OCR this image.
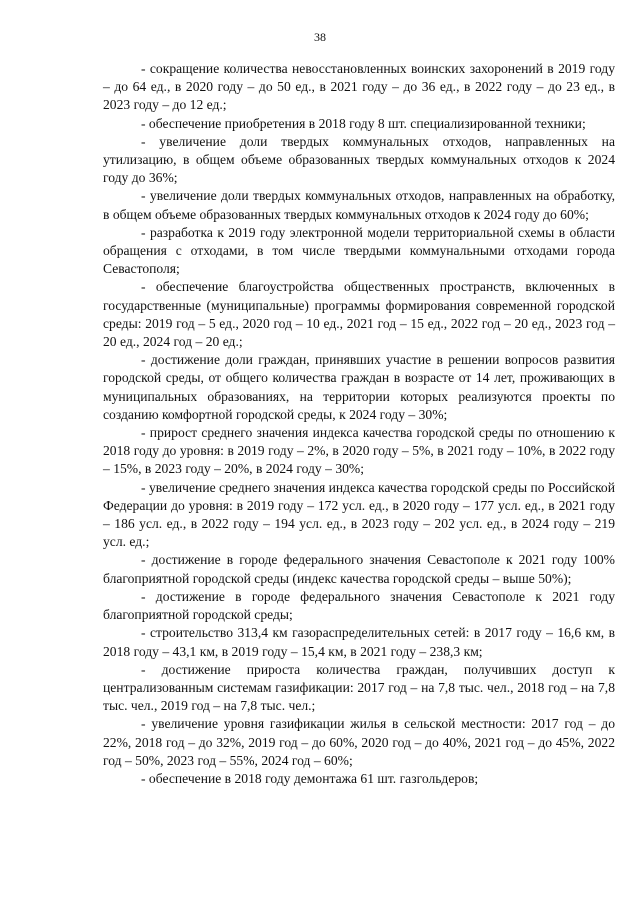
38

- сокращение количества невосстановленных воинских захоронений в 2019 году – до 64 ед., в 2020 году – до 50 ед., в 2021 году – до 36 ед., в 2022 году – до 23 ед., в 2023 году – до 12 ед.;

- обеспечение приобретения в 2018 году 8 шт. специализированной техники;

- увеличение доли твердых коммунальных отходов, направленных на утилизацию, в общем объеме образованных твердых коммунальных отходов к 2024 году до 36%;

- увеличение доли твердых коммунальных отходов, направленных на обработку, в общем объеме образованных твердых коммунальных отходов к 2024 году до 60%;

- разработка к 2019 году электронной модели территориальной схемы в области обращения с отходами, в том числе твердыми коммунальными отходами города Севастополя;

- обеспечение благоустройства общественных пространств, включенных в государственные (муниципальные) программы формирования современной городской среды: 2019 год – 5 ед., 2020 год – 10 ед., 2021 год – 15 ед., 2022 год – 20 ед., 2023 год – 20 ед., 2024 год – 20 ед.;

- достижение доли граждан, принявших участие в решении вопросов развития городской среды, от общего количества граждан в возрасте от 14 лет, проживающих в муниципальных образованиях, на территории которых реализуются проекты по созданию комфортной городской среды, к 2024 году – 30%;

- прирост среднего значения индекса качества городской среды по отношению к 2018 году до уровня: в 2019 году – 2%, в 2020 году – 5%, в 2021 году – 10%, в 2022 году – 15%, в 2023 году – 20%, в 2024 году – 30%;

- увеличение среднего значения индекса качества городской среды по Российской Федерации до уровня: в 2019 году – 172 усл. ед., в 2020 году – 177 усл. ед., в 2021 году – 186 усл. ед., в 2022 году – 194 усл. ед., в 2023 году – 202 усл. ед., в 2024 году – 219 усл. ед.;

- достижение в городе федерального значения Севастополе к 2021 году 100% благоприятной городской среды (индекс качества городской среды – выше 50%);

- достижение в городе федерального значения Севастополе к 2021 году благоприятной городской среды;

- строительство 313,4 км газораспределительных сетей: в 2017 году – 16,6 км, в 2018 году – 43,1 км, в 2019 году – 15,4 км, в 2021 году – 238,3 км;

- достижение прироста количества граждан, получивших доступ к централизованным системам газификации: 2017 год – на 7,8 тыс. чел., 2018 год – на 7,8 тыс. чел., 2019 год – на 7,8 тыс. чел.;

- увеличение уровня газификации жилья в сельской местности: 2017 год – до 22%, 2018 год – до 32%, 2019 год – до 60%, 2020 год – до 40%, 2021 год – до 45%, 2022 год – 50%, 2023 год – 55%, 2024 год – 60%;

- обеспечение в 2018 году демонтажа 61 шт. газгольдеров;
